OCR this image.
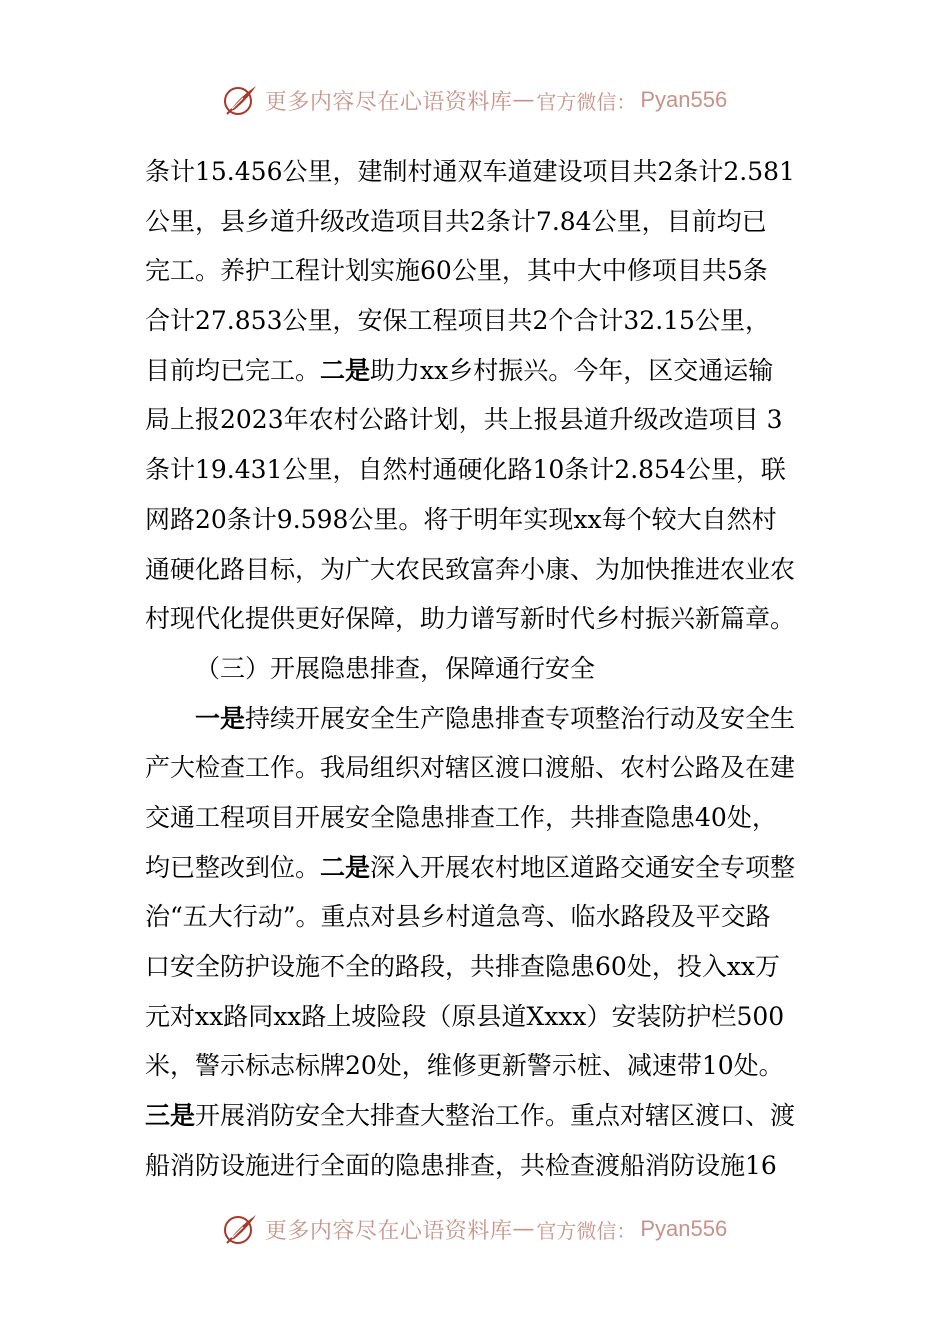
更多内容尽在心语资料库 — 官方微信： Pyan556
条计15.456公里，建制村通双车道建设项目共2条计2.581
公里，县乡道升级改造项目共2条计7.84公里，目前均已
完工。养护工程计划实施60公里，其中大中修项目共5条
合计27.853公里，安保工程项目共2个合计32.15公里，
目前均已完工。二是助力xx乡村振兴。今年，区交通运输
局上报2023年农村公路计划，共上报县道升级改造项目 3
条计19.431公里，自然村通硬化路10条计2.854公里，联
网路20条计9.598公里。将于明年实现xx每个较大自然村
通硬化路目标，为广大农民致富奔小康、为加快推进农业农
村现代化提供更好保障，助力谱写新时代乡村振兴新篇章。
（三）开展隐患排查，保障通行安全
一是持续开展安全生产隐患排查专项整治行动及安全生
产大检查工作。我局组织对辖区渡口渡船、农村公路及在建
交通工程项目开展安全隐患排查工作，共排查隐患40处，
均已整改到位。二是深入开展农村地区道路交通安全专项整
治“五大行动”。重点对县乡村道急弯、临水路段及平交路
口安全防护设施不全的路段，共排查隐患60处，投入xx万
元对xx路同xx路上坡险段（原县道Xxxx）安装防护栏500
米，警示标志标牌20处，维修更新警示桩、减速带10处。
三是开展消防安全大排查大整治工作。重点对辖区渡口、渡
船消防设施进行全面的隐患排查，共检查渡船消防设施16
更多内容尽在心语资料库 — 官方微信： Pyan556
